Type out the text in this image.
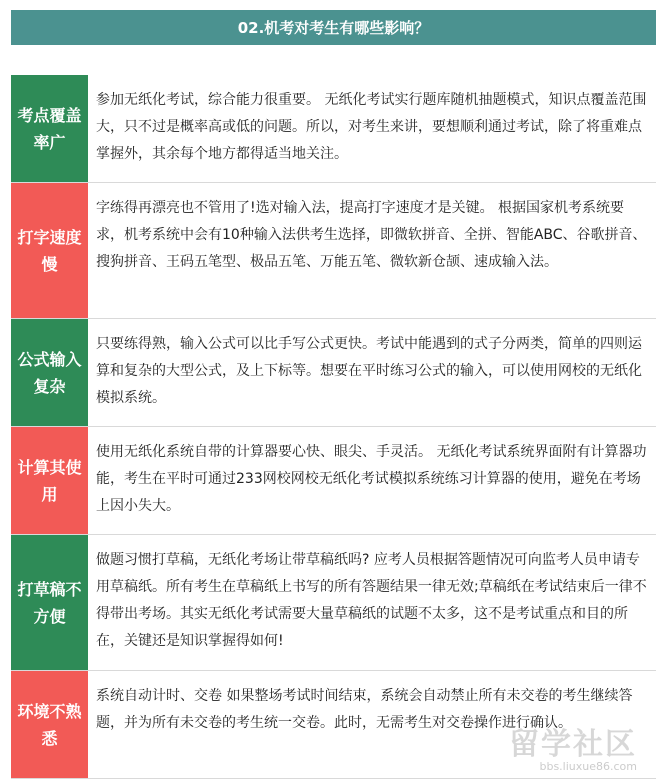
02.机考对考生有哪些影响？
考点覆盖率广
参加无纸化考试，综合能力很重要。 无纸化考试实行题库随机抽题模式，知识点覆盖范围大，只不过是概率高或低的问题。所以，对考生来讲，要想顺利通过考试，除了将重难点掌握外，其余每个地方都得适当地关注。
打字速度慢
字练得再漂亮也不管用了!选对输入法，提高打字速度才是关键。 根据国家机考系统要求，机考系统中会有10种输入法供考生选择，即微软拼音、全拼、智能ABC、谷歌拼音、搜狗拼音、王码五笔型、极品五笔、万能五笔、微软新仓颉、速成输入法。
公式输入复杂
只要练得熟，输入公式可以比手写公式更快。考试中能遇到的式子分两类，简单的四则运算和复杂的大型公式，及上下标等。想要在平时练习公式的输入，可以使用网校的无纸化模拟系统。
计算其使用
使用无纸化系统自带的计算器要心快、眼尖、手灵活。 无纸化考试系统界面附有计算器功能，考生在平时可通过233网校网校无纸化考试模拟系统练习计算器的使用，避免在考场上因小失大。
打草稿不方便
做题习惯打草稿，无纸化考场让带草稿纸吗? 应考人员根据答题情况可向监考人员申请专用草稿纸。所有考生在草稿纸上书写的所有答题结果一律无效;草稿纸在考试结束后一律不得带出考场。其实无纸化考试需要大量草稿纸的试题不太多，这不是考试重点和目的所在，关键还是知识掌握得如何!
环境不熟悉
系统自动计时、交卷 如果整场考试时间结束，系统会自动禁止所有未交卷的考生继续答题，并为所有未交卷的考生统一交卷。此时，无需考生对交卷操作进行确认。
留学社区
bbs.liuxue86.com
